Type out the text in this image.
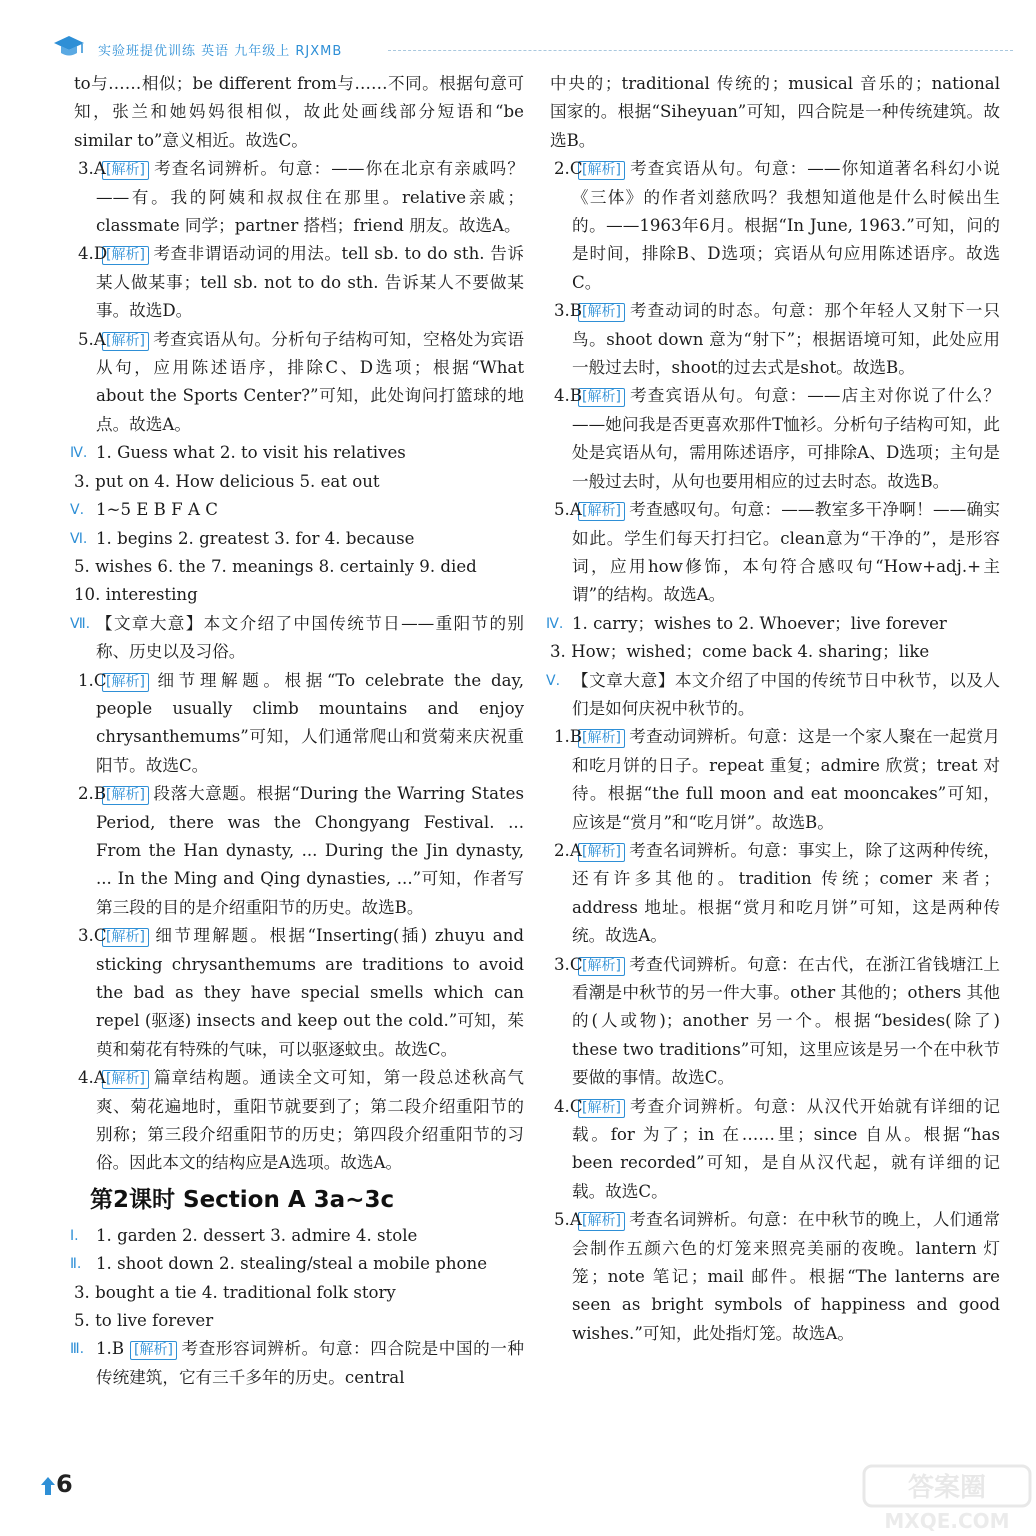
实验班提优训练 英语 九年级上 RJXMB

to与……相似；be different from与……不同。根据句意可知，张兰和她妈妈很相似，故此处画线部分短语和“be similar to”意义相近。故选C。

3.A [解析] 考查名词辨析。句意：——你在北京有亲戚吗？——有。我的阿姨和叔叔住在那里。relative亲戚；classmate 同学；partner 搭档；friend 朋友。故选A。

4.D
[解析] 考查非谓语动词的用法。tell sb. to do sth. 告诉某人做某事；tell sb. not to do sth. 告诉某人不要做某事。故选D。

5.A [解析] 考查宾语从句。分析句子结构可知，空格处为宾语从句，应用陈述语序，排除C、D选项；根据“What about the Sports Center?”可知，此处询问打篮球的地点。故选A。

Ⅳ. 1. Guess what 2. to visit his relatives

3. put on 4. How delicious 5. eat out

Ⅴ. 1~5 E B F A C

Ⅵ. 1. begins 2. greatest 3. for 4. because

5. wishes 6. the 7. meanings 8. certainly 9. died

10. interesting

Ⅶ. 【文章大意】本文介绍了中国传统节日——重阳节的别称、历史以及习俗。

1.C [解析] 细节理解题。根据“To celebrate the day, people usually climb mountains and enjoy chrysanthemums”可知，人们通常爬山和赏菊来庆祝重阳节。故选C。

2.B [解析] 段落大意题。根据“During the Warring States Period, there was the Chongyang Festival. ... From the Han dynasty, ... During the Jin dynasty, ... In the Ming and Qing dynasties, ...”可知，作者写第三段的目的是介绍重阳节的历史。故选B。

3.C [解析] 细节理解题。根据“Inserting(插) zhuyu and sticking chrysanthemums are traditions to avoid the bad as they have special smells which can repel (驱逐) insects and keep out the cold.”可知，茱萸和菊花有特殊的气味，可以驱逐蚊虫。故选C。

4.A [解析] 篇章结构题。通读全文可知，第一段总述秋高气爽、菊花遍地时，重阳节就要到了；第二段介绍重阳节的别称；第三段介绍重阳节的历史；第四段介绍重阳节的习俗。因此本文的结构应是A选项。故选A。

第2课时 Section A 3a~3c

Ⅰ. 1. garden 2. dessert 3. admire 4. stole

Ⅱ. 1. shoot down 2. stealing/steal a mobile phone

3. bought a tie 4. traditional folk story

5. to live forever

Ⅲ. 1.B [解析] 考查形容词辨析。句意：四合院是中国的一种传统建筑，它有三千多年的历史。central

中央的；traditional 传统的；musical 音乐的；national 国家的。根据“Siheyuan”可知，四合院是一种传统建筑。故选B。

2.C [解析] 考查宾语从句。句意：——你知道著名科幻小说《三体》的作者刘慈欣吗？我想知道他是什么时候出生的。——1963年6月。根据“In June, 1963.”可知，问的是时间，排除B、D选项；宾语从句应用陈述语序。故选C。

3.B [解析] 考查动词的时态。句意：那个年轻人又射下一只鸟。shoot down 意为“射下”；根据语境可知，此处应用一般过去时，shoot的过去式是shot。故选B。

4.B [解析] 考查宾语从句。句意：——店主对你说了什么？——她问我是否更喜欢那件T恤衫。分析句子结构可知，此处是宾语从句，需用陈述语序，可排除A、D选项；主句是一般过去时，从句也要用相应的过去时态。故选B。

5.A [解析] 考查感叹句。句意：——教室多干净啊！——确实如此。学生们每天打扫它。clean意为“干净的”，是形容词，应用how修饰，本句符合感叹句“How+adj.+主谓”的结构。故选A。

Ⅳ. 1. carry；wishes to 2. Whoever；live forever

3. How；wished；come back 4. sharing；like

Ⅴ. 【文章大意】本文介绍了中国的传统节日中秋节，以及人们是如何庆祝中秋节的。

1.B [解析] 考查动词辨析。句意：这是一个家人聚在一起赏月和吃月饼的日子。repeat 重复；admire 欣赏；treat 对待。根据“the full moon and eat mooncakes”可知，应该是“赏月”和“吃月饼”。故选B。

2.A [解析] 考查名词辨析。句意：事实上，除了这两种传统，还有许多其他的。tradition 传统；comer 来者；address 地址。根据“赏月和吃月饼”可知，这是两种传统。故选A。

3.C [解析] 考查代词辨析。句意：在古代，在浙江省钱塘江上看潮是中秋节的另一件大事。other 其他的；others 其他的(人或物)；another 另一个。根据“besides(除了) these two traditions”可知，这里应该是另一个在中秋节要做的事情。故选C。

4.C [解析] 考查介词辨析。句意：从汉代开始就有详细的记载。for 为了；in 在……里；since 自从。根据“has been recorded”可知，是自从汉代起，就有详细的记载。故选C。

5.A [解析] 考查名词辨析。句意：在中秋节的晚上，人们通常会制作五颜六色的灯笼来照亮美丽的夜晚。lantern 灯笼；note 笔记；mail 邮件。根据“The lanterns are seen as bright symbols of happiness and good wishes.”可知，此处指灯笼。故选A。

6	答案圈
MXQE.COM
